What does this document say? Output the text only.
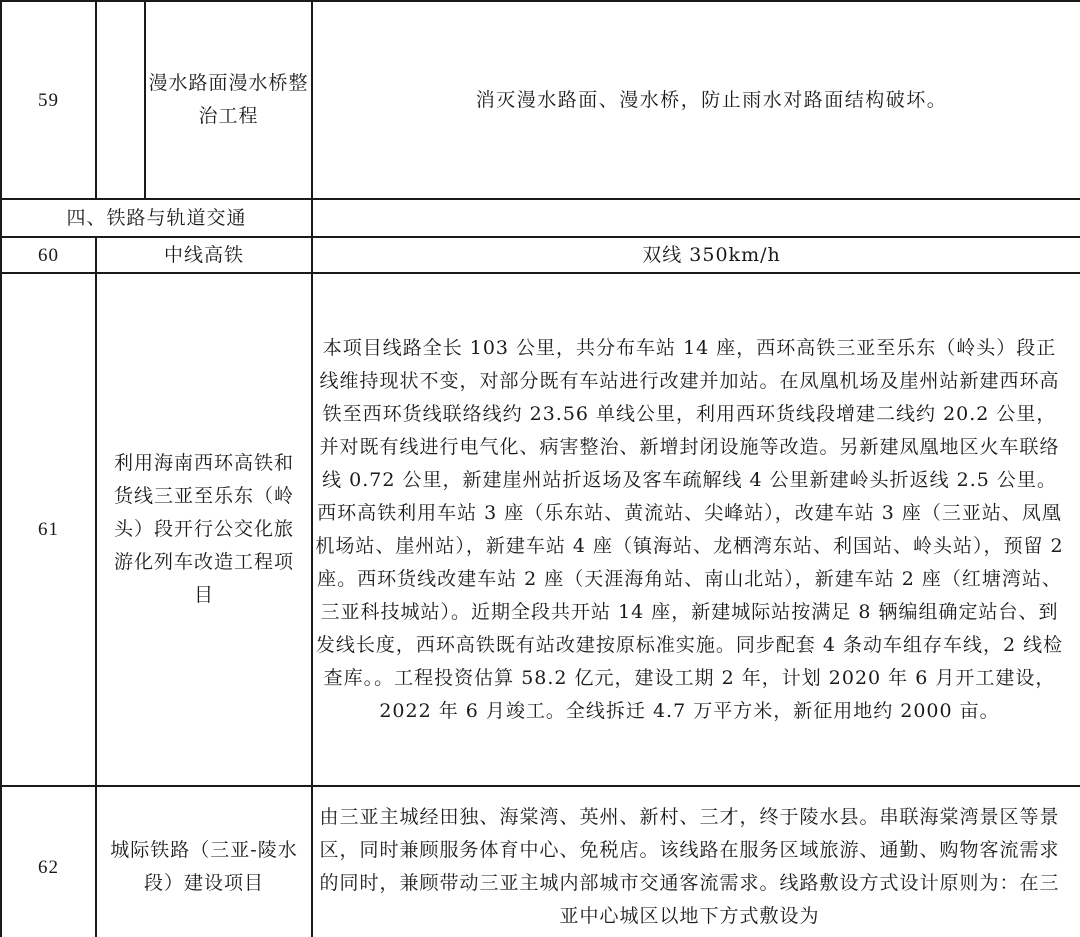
59		漫水路面漫水桥整治工程	消灭漫水路面、漫水桥，防止雨水对路面结构破坏。
四、铁路与轨道交通			
60	中线高铁		双线 350km/h
61	利用海南西环高铁和货线三亚至乐东（岭头）段开行公交化旅游化列车改造工程项目		本项目线路全长 103 公里，共分布车站 14 座，西环高铁三亚至乐东（岭头）段正线维持现状不变，对部分既有车站进行改建并加站。在凤凰机场及崖州站新建西环高铁至西环货线联络线约 23.56 单线公里，利用西环货线段增建二线约 20.2 公里，并对既有线进行电气化、病害整治、新增封闭设施等改造。另新建凤凰地区火车联络线 0.72 公里，新建崖州站折返场及客车疏解线 4 公里新建岭头折返线 2.5 公里。西环高铁利用车站 3 座（乐东站、黄流站、尖峰站），改建车站 3 座（三亚站、凤凰机场站、崖州站），新建车站 4 座（镇海站、龙栖湾东站、利国站、岭头站），预留 2 座。西环货线改建车站 2 座（天涯海角站、南山北站），新建车站 2 座（红塘湾站、三亚科技城站）。近期全段共开站 14 座，新建城际站按满足 8 辆编组确定站台、到发线长度，西环高铁既有站改建按原标准实施。同步配套 4 条动车组存车线，2 线检查库。。工程投资估算 58.2 亿元，建设工期 2 年，计划 2020 年 6 月开工建设，2022 年 6 月竣工。全线拆迁 4.7 万平方米，新征用地约 2000 亩。
62	城际铁路（三亚-陵水段）建设项目		由三亚主城经田独、海棠湾、英州、新村、三才，终于陵水县。串联海棠湾景区等景区，同时兼顾服务体育中心、免税店。该线路在服务区域旅游、通勤、购物客流需求的同时，兼顾带动三亚主城内部城市交通客流需求。线路敷设方式设计原则为：在三亚中心城区以地下方式敷设为
